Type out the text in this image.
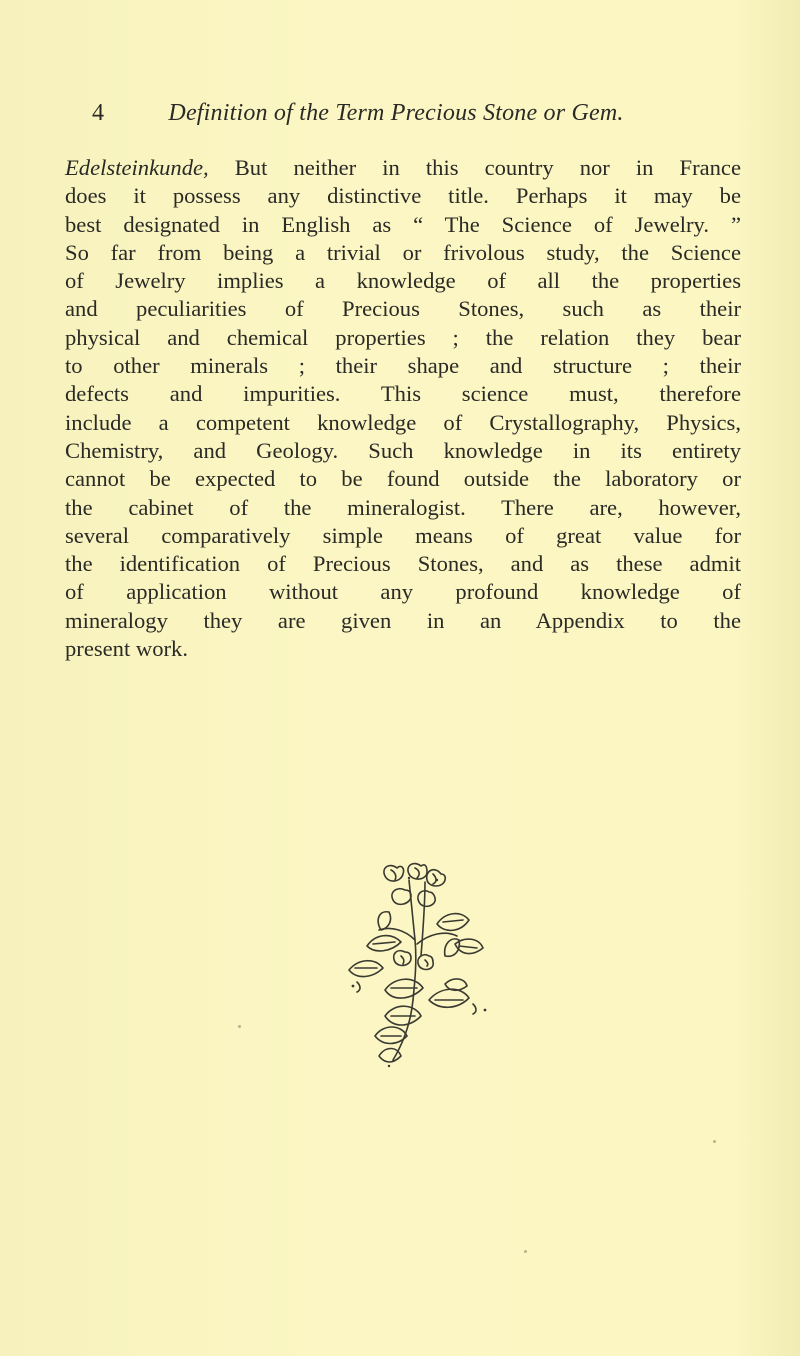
4	Definition of the Term Precious Stone or Gem.
Edelsteinkunde, But neither in this country nor in France
does it possess any distinctive title. Perhaps it may be
best designated in English as “ The Science of Jewelry. ”
So far from being a trivial or frivolous study, the Science
of Jewelry implies a knowledge of all the properties
and peculiarities of Precious Stones, such as their
physical and chemical properties ; the relation they bear
to other minerals ; their shape and structure ; their
defects and impurities. This science must, therefore
include a competent knowledge of Crystallography, Physics,
Chemistry, and Geology. Such knowledge in its entirety
cannot be expected to be found outside the laboratory or
the cabinet of the mineralogist. There are, however,
several comparatively simple means of great value for
the identification of Precious Stones, and as these admit
of application without any profound knowledge of
mineralogy they are given in an Appendix to the
present work.
